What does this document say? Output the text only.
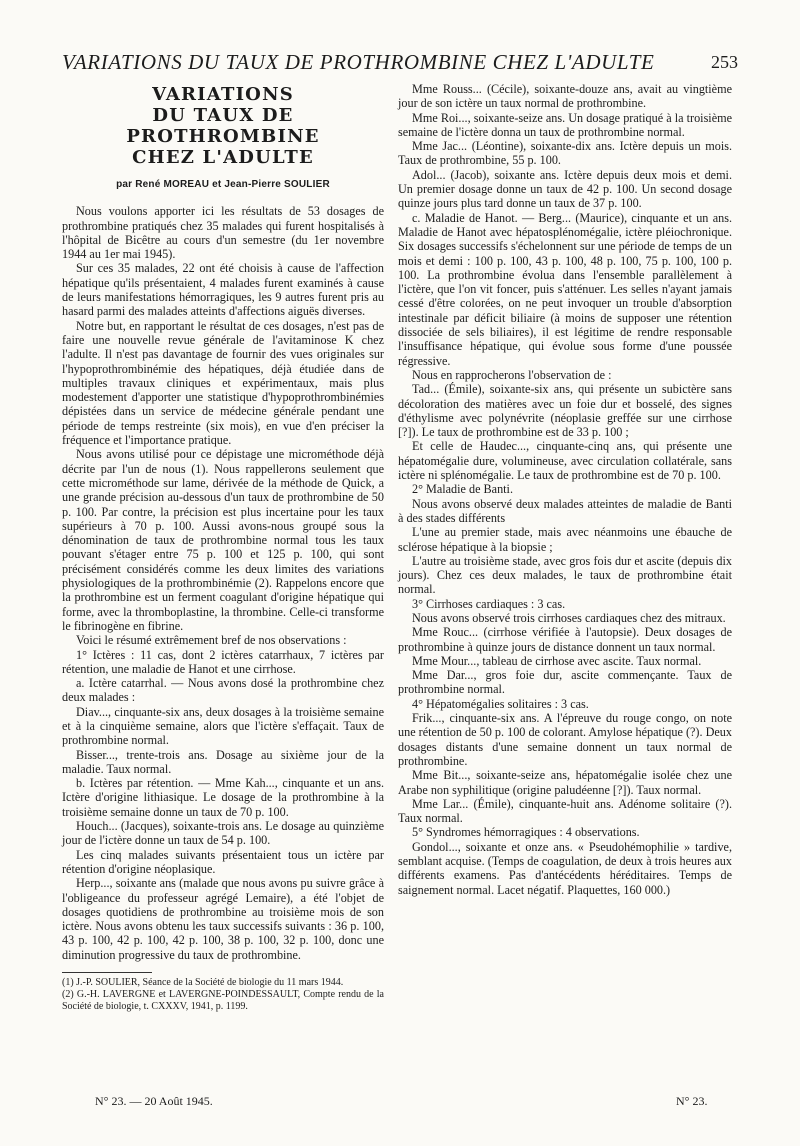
VARIATIONS DU TAUX DE PROTHROMBINE CHEZ L'ADULTE	253
VARIATIONS
DU TAUX DE PROTHROMBINE
CHEZ L'ADULTE
par René MOREAU et Jean-Pierre SOULIER

Nous voulons apporter ici les résultats de 53 dosages de prothrombine pratiqués chez 35 malades qui furent hospitalisés à l'hôpital de Bicêtre au cours d'un semestre (du 1er novembre 1944 au 1er mai 1945).

Sur ces 35 malades, 22 ont été choisis à cause de l'affection hépatique qu'ils présentaient, 4 malades furent examinés à cause de leurs manifestations hémorragiques, les 9 autres furent pris au hasard parmi des malades atteints d'affections aiguës diverses.

Notre but, en rapportant le résultat de ces dosages, n'est pas de faire une nouvelle revue générale de l'avitaminose K chez l'adulte. Il n'est pas davantage de fournir des vues originales sur l'hypoprothrombinémie des hépatiques, déjà étudiée dans de multiples travaux cliniques et expérimentaux, mais plus modestement d'apporter une statistique d'hypoprothrombinémies dépistées dans un service de médecine générale pendant une période de temps restreinte (six mois), en vue d'en préciser la fréquence et l'importance pratique.

Nous avons utilisé pour ce dépistage une microméthode déjà décrite par l'un de nous (1). Nous rappellerons seulement que cette microméthode sur lame, dérivée de la méthode de Quick, a une grande précision au-dessous d'un taux de prothrombine de 50 p. 100. Par contre, la précision est plus incertaine pour les taux supérieurs à 70 p. 100. Aussi avons-nous groupé sous la dénomination de taux de prothrombine normal tous les taux pouvant s'étager entre 75 p. 100 et 125 p. 100, qui sont précisément considérés comme les deux limites des variations physiologiques de la prothrombinémie (2). Rappelons encore que la prothrombine est un ferment coagulant d'origine hépatique qui forme, avec la thromboplastine, la thrombine. Celle-ci transforme le fibrinogène en fibrine.

Voici le résumé extrêmement bref de nos observations :

1° Ictères : 11 cas, dont 2 ictères catarrhaux, 7 ictères par rétention, une maladie de Hanot et une cirrhose.

a. Ictère catarrhal. — Nous avons dosé la prothrombine chez deux malades :

Diav..., cinquante-six ans, deux dosages à la troisième semaine et à la cinquième semaine, alors que l'ictère s'effaçait. Taux de prothrombine normal.

Bisser..., trente-trois ans. Dosage au sixième jour de la maladie. Taux normal.

b. Ictères par rétention. — Mme Kah..., cinquante et un ans. Ictère d'origine lithiasique. Le dosage de la prothrombine à la troisième semaine donne un taux de 70 p. 100.

Houch... (Jacques), soixante-trois ans. Le dosage au quinzième jour de l'ictère donne un taux de 54 p. 100.

Les cinq malades suivants présentaient tous un ictère par rétention d'origine néoplasique.

Herp..., soixante ans (malade que nous avons pu suivre grâce à l'obligeance du professeur agrégé Lemaire), a été l'objet de dosages quotidiens de prothrombine au troisième mois de son ictère. Nous avons obtenu les taux successifs suivants : 36 p. 100, 43 p. 100, 42 p. 100, 42 p. 100, 38 p. 100, 32 p. 100, donc une diminution progressive du taux de prothrombine.

(1) J.-P. SOULIER, Séance de la Société de biologie du 11 mars 1944.

(2) G.-H. LAVERGNE et LAVERGNE-POINDESSAULT, Compte rendu de la Société de biologie, t. CXXXV, 1941, p. 1199.

Mme Rouss... (Cécile), soixante-douze ans, avait au vingtième jour de son ictère un taux normal de prothrombine.

Mme Roi..., soixante-seize ans. Un dosage pratiqué à la troisième semaine de l'ictère donna un taux de prothrombine normal.

Mme Jac... (Léontine), soixante-dix ans. Ictère depuis un mois. Taux de prothrombine, 55 p. 100.

Adol... (Jacob), soixante ans. Ictère depuis deux mois et demi. Un premier dosage donne un taux de 42 p. 100. Un second dosage quinze jours plus tard donne un taux de 37 p. 100.

c. Maladie de Hanot. — Berg... (Maurice), cinquante et un ans. Maladie de Hanot avec hépatosplénomégalie, ictère pléiochronique. Six dosages successifs s'échelonnent sur une période de temps de un mois et demi : 100 p. 100, 43 p. 100, 48 p. 100, 75 p. 100, 100 p. 100. La prothrombine évolua dans l'ensemble parallèlement à l'ictère, que l'on vit foncer, puis s'atténuer. Les selles n'ayant jamais cessé d'être colorées, on ne peut invoquer un trouble d'absorption intestinale par déficit biliaire (à moins de supposer une rétention dissociée de sels biliaires), il est légitime de rendre responsable l'insuffisance hépatique, qui évolue sous forme d'une poussée régressive.

Nous en rapprocherons l'observation de :

Tad... (Émile), soixante-six ans, qui présente un subictère sans décoloration des matières avec un foie dur et bosselé, des signes d'éthylisme avec polynévrite (néoplasie greffée sur une cirrhose [?]). Le taux de prothrombine est de 33 p. 100 ;

Et celle de Haudec..., cinquante-cinq ans, qui présente une hépatomégalie dure, volumineuse, avec circulation collatérale, sans ictère ni splénomégalie. Le taux de prothrombine est de 70 p. 100.

2° Maladie de Banti.

Nous avons observé deux malades atteintes de maladie de Banti à des stades différents

L'une au premier stade, mais avec néanmoins une ébauche de sclérose hépatique à la biopsie ;

L'autre au troisième stade, avec gros fois dur et ascite (depuis dix jours). Chez ces deux malades, le taux de prothrombine était normal.

3° Cirrhoses cardiaques : 3 cas.

Nous avons observé trois cirrhoses cardiaques chez des mitraux.

Mme Rouc... (cirrhose vérifiée à l'autopsie). Deux dosages de prothrombine à quinze jours de distance donnent un taux normal.

Mme Mour..., tableau de cirrhose avec ascite. Taux normal.

Mme Dar..., gros foie dur, ascite commençante. Taux de prothrombine normal.

4° Hépatomégalies solitaires : 3 cas.

Frik..., cinquante-six ans. A l'épreuve du rouge congo, on note une rétention de 50 p. 100 de colorant. Amylose hépatique (?). Deux dosages distants d'une semaine donnent un taux normal de prothrombine.

Mme Bit..., soixante-seize ans, hépatomégalie isolée chez une Arabe non syphilitique (origine paludéenne [?]). Taux normal.

Mme Lar... (Émile), cinquante-huit ans. Adénome solitaire (?). Taux normal.

5° Syndromes hémorragiques : 4 observations.

Gondol..., soixante et onze ans. « Pseudohémophilie » tardive, semblant acquise. (Temps de coagulation, de deux à trois heures aux différents examens. Pas d'antécédents héréditaires. Temps de saignement normal. Lacet négatif. Plaquettes, 160 000.)

N° 23. — 20 Août 1945.	N° 23.
